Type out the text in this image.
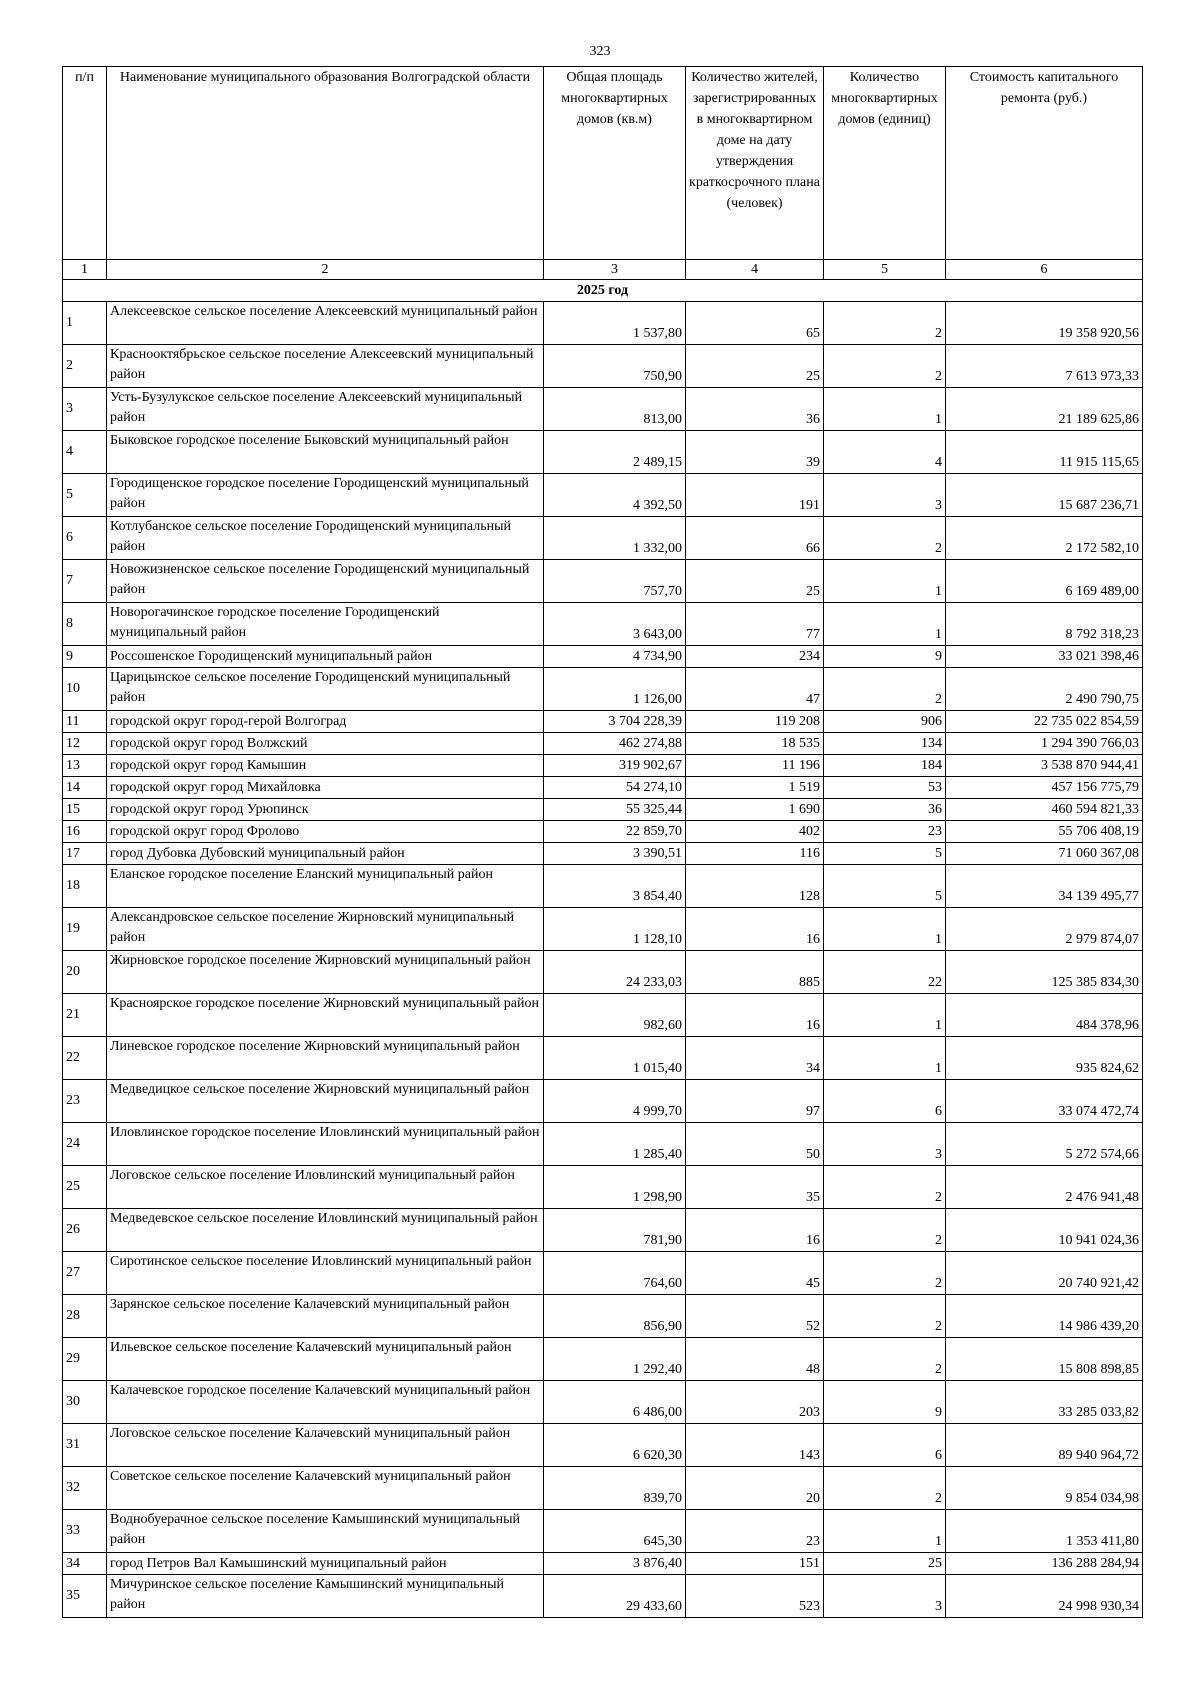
323
п/п	Наименование муниципального образования Волгоградской области	Общая площадь многоквартирных домов (кв.м)	Количество жителей, зарегистрированных в многоквартирном доме на дату утверждения краткосрочного плана (человек)	Количество многоквартирных домов (единиц)	Стоимость капитального ремонта (руб.)
1	2	3	4	5	6
2025 год					
1	Алексеевское сельское поселение Алексеевский муниципальный район	1 537,80	65	2	19 358 920,56
2	Краснооктябрьское сельское поселение Алексеевский муниципальный район	750,90	25	2	7 613 973,33
3	Усть-Бузулукское сельское поселение Алексеевский муниципальный район	813,00	36	1	21 189 625,86
4	Быковское городское поселение Быковский муниципальный район	2 489,15	39	4	11 915 115,65
5	Городищенское городское поселение Городищенский муниципальный район	4 392,50	191	3	15 687 236,71
6	Котлубанское сельское поселение Городищенский муниципальный район	1 332,00	66	2	2 172 582,10
7	Новожизненское сельское поселение Городищенский муниципальный район	757,70	25	1	6 169 489,00
8	Новорогачинское городское поселение Городищенский муниципальный район	3 643,00	77	1	8 792 318,23
9	Россошенское Городищенский муниципальный район	4 734,90	234	9	33 021 398,46
10	Царицынское сельское поселение Городищенский муниципальный район	1 126,00	47	2	2 490 790,75
11	городской округ город-герой Волгоград	3 704 228,39	119 208	906	22 735 022 854,59
12	городской округ город Волжский	462 274,88	18 535	134	1 294 390 766,03
13	городской округ город Камышин	319 902,67	11 196	184	3 538 870 944,41
14	городской округ город Михайловка	54 274,10	1 519	53	457 156 775,79
15	городской округ город Урюпинск	55 325,44	1 690	36	460 594 821,33
16	городской округ город Фролово	22 859,70	402	23	55 706 408,19
17	город Дубовка Дубовский муниципальный район	3 390,51	116	5	71 060 367,08
18	Еланское городское поселение Еланский муниципальный район	3 854,40	128	5	34 139 495,77
19	Александровское сельское поселение Жирновский муниципальный район	1 128,10	16	1	2 979 874,07
20	Жирновское городское поселение Жирновский муниципальный район	24 233,03	885	22	125 385 834,30
21	Красноярское городское поселение Жирновский муниципальный район	982,60	16	1	484 378,96
22	Линевское городское поселение Жирновский муниципальный район	1 015,40	34	1	935 824,62
23	Медведицкое сельское поселение Жирновский муниципальный район	4 999,70	97	6	33 074 472,74
24	Иловлинское городское поселение Иловлинский муниципальный район	1 285,40	50	3	5 272 574,66
25	Логовское сельское поселение Иловлинский муниципальный район	1 298,90	35	2	2 476 941,48
26	Медведевское сельское поселение Иловлинский муниципальный район	781,90	16	2	10 941 024,36
27	Сиротинское сельское поселение Иловлинский муниципальный район	764,60	45	2	20 740 921,42
28	Зарянское сельское поселение Калачевский муниципальный район	856,90	52	2	14 986 439,20
29	Ильевское сельское поселение Калачевский муниципальный район	1 292,40	48	2	15 808 898,85
30	Калачевское городское поселение Калачевский муниципальный район	6 486,00	203	9	33 285 033,82
31	Логовское сельское поселение Калачевский муниципальный район	6 620,30	143	6	89 940 964,72
32	Советское сельское поселение Калачевский муниципальный район	839,70	20	2	9 854 034,98
33	Воднобуерачное сельское поселение Камышинский муниципальный район	645,30	23	1	1 353 411,80
34	город Петров Вал Камышинский муниципальный район	3 876,40	151	25	136 288 284,94
35	Мичуринское сельское поселение Камышинский муниципальный район	29 433,60	523	3	24 998 930,34
